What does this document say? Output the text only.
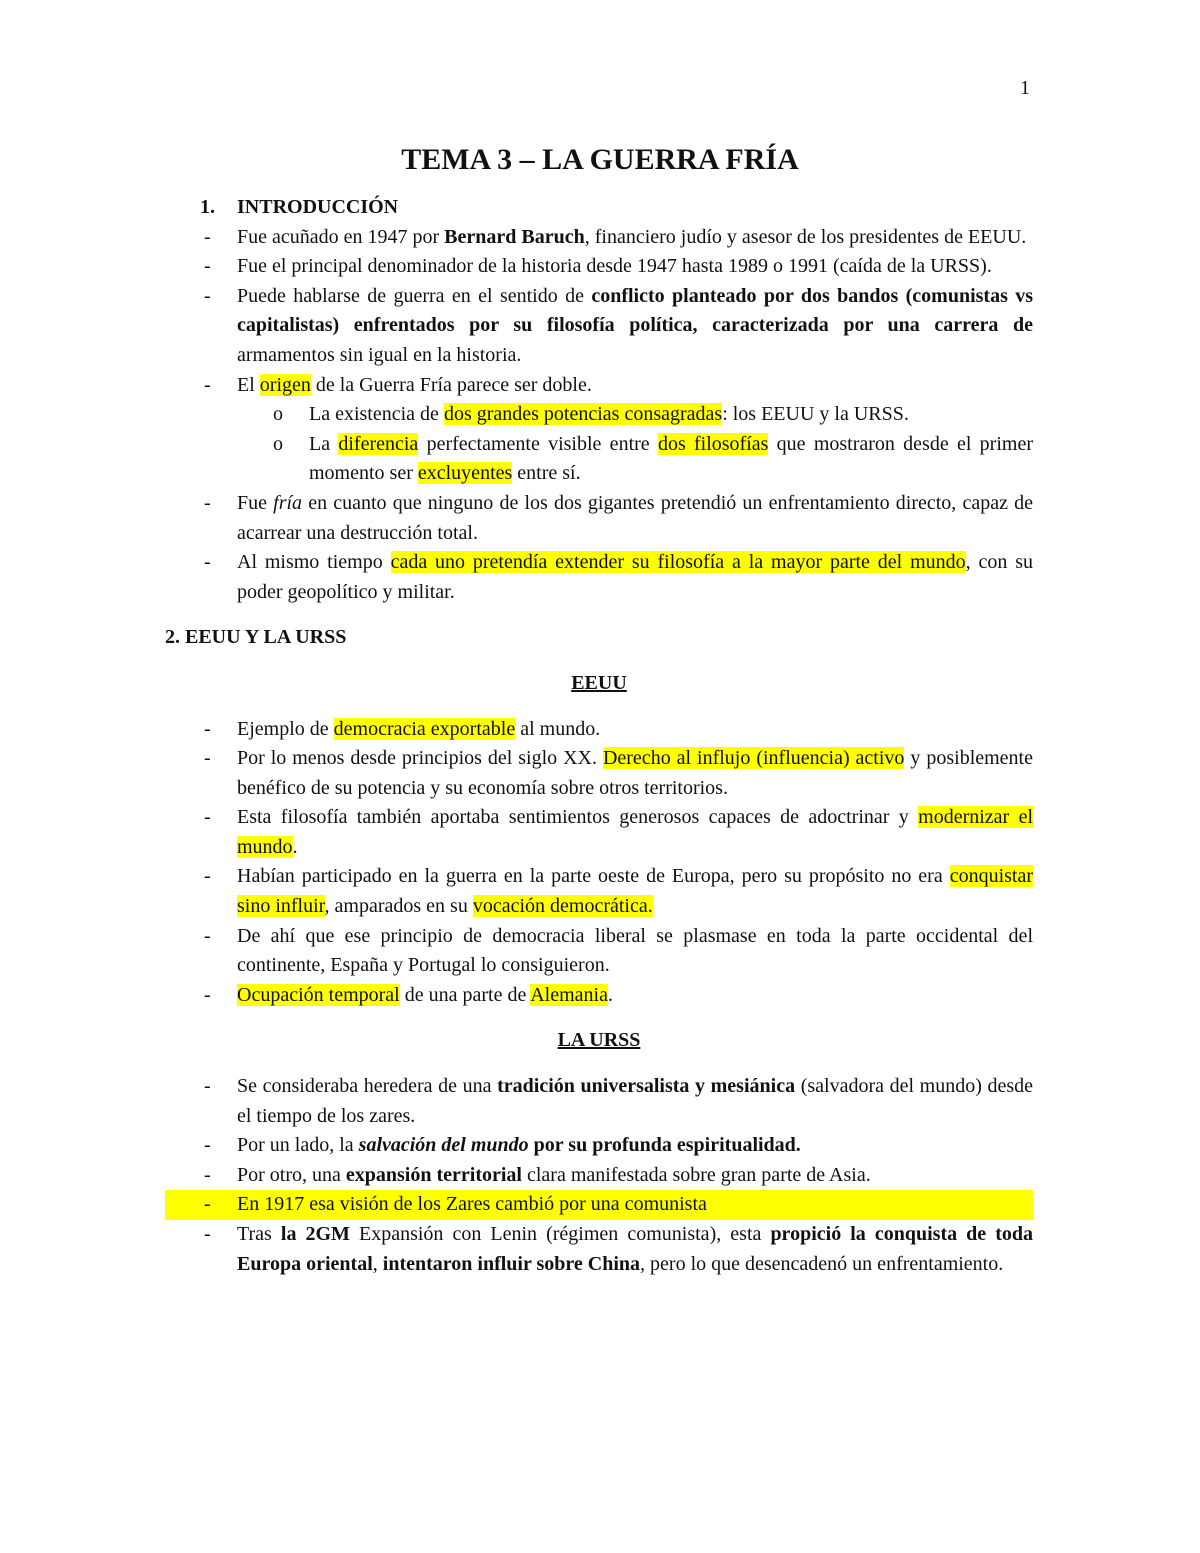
1
TEMA 3 – LA GUERRA FRÍA
1. INTRODUCCIÓN
- Fue acuñado en 1947 por Bernard Baruch, financiero judío y asesor de los presidentes de EEUU.
- Fue el principal denominador de la historia desde 1947 hasta 1989 o 1991 (caída de la URSS).
- Puede hablarse de guerra en el sentido de conflicto planteado por dos bandos (comunistas vs capitalistas) enfrentados por su filosofía política, caracterizada por una carrera de armamentos sin igual en la historia.
- El origen de la Guerra Fría parece ser doble.
o La existencia de dos grandes potencias consagradas: los EEUU y la URSS.
o La diferencia perfectamente visible entre dos filosofías que mostraron desde el primer momento ser excluyentes entre sí.
- Fue fría en cuanto que ninguno de los dos gigantes pretendió un enfrentamiento directo, capaz de acarrear una destrucción total.
- Al mismo tiempo cada uno pretendía extender su filosofía a la mayor parte del mundo, con su poder geopolítico y militar.
2. EEUU Y LA URSS
EEUU
- Ejemplo de democracia exportable al mundo.
- Por lo menos desde principios del siglo XX. Derecho al influjo (influencia) activo y posiblemente benéfico de su potencia y su economía sobre otros territorios.
- Esta filosofía también aportaba sentimientos generosos capaces de adoctrinar y modernizar el mundo.
- Habían participado en la guerra en la parte oeste de Europa, pero su propósito no era conquistar sino influir, amparados en su vocación democrática.
- De ahí que ese principio de democracia liberal se plasmase en toda la parte occidental del continente, España y Portugal lo consiguieron.
- Ocupación temporal de una parte de Alemania.
LA URSS
- Se consideraba heredera de una tradición universalista y mesiánica (salvadora del mundo) desde el tiempo de los zares.
- Por un lado, la salvación del mundo por su profunda espiritualidad.
- Por otro, una expansión territorial clara manifestada sobre gran parte de Asia.
- En 1917 esa visión de los Zares cambió por una comunista
- Tras la 2GM Expansión con Lenin (régimen comunista), esta propició la conquista de toda Europa oriental, intentaron influir sobre China, pero lo que desencadenó un enfrentamiento.
